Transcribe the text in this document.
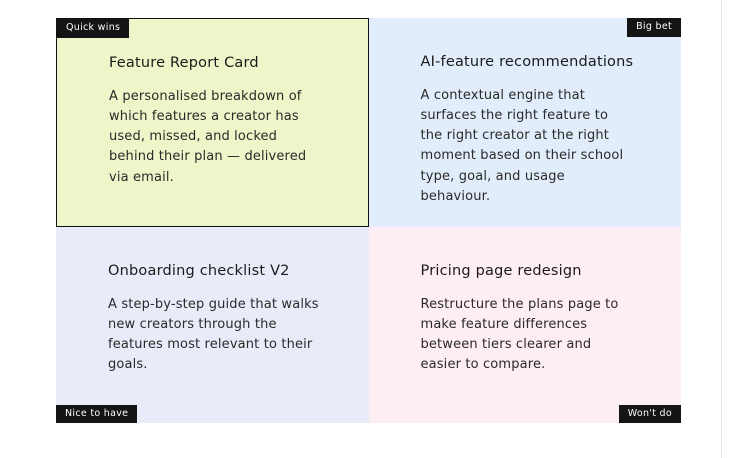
Quick wins
Feature Report Card

A personalised breakdown of which features a creator has used, missed, and locked behind their plan — delivered via email.

Big bet
AI-feature recommendations

A contextual engine that surfaces the right feature to the right creator at the right moment based on their school type, goal, and usage behaviour.

Onboarding checklist V2

A step-by-step guide that walks new creators through the features most relevant to their goals.

Nice to have
Pricing page redesign

Restructure the plans page to make feature differences between tiers clearer and easier to compare.

Won't do
